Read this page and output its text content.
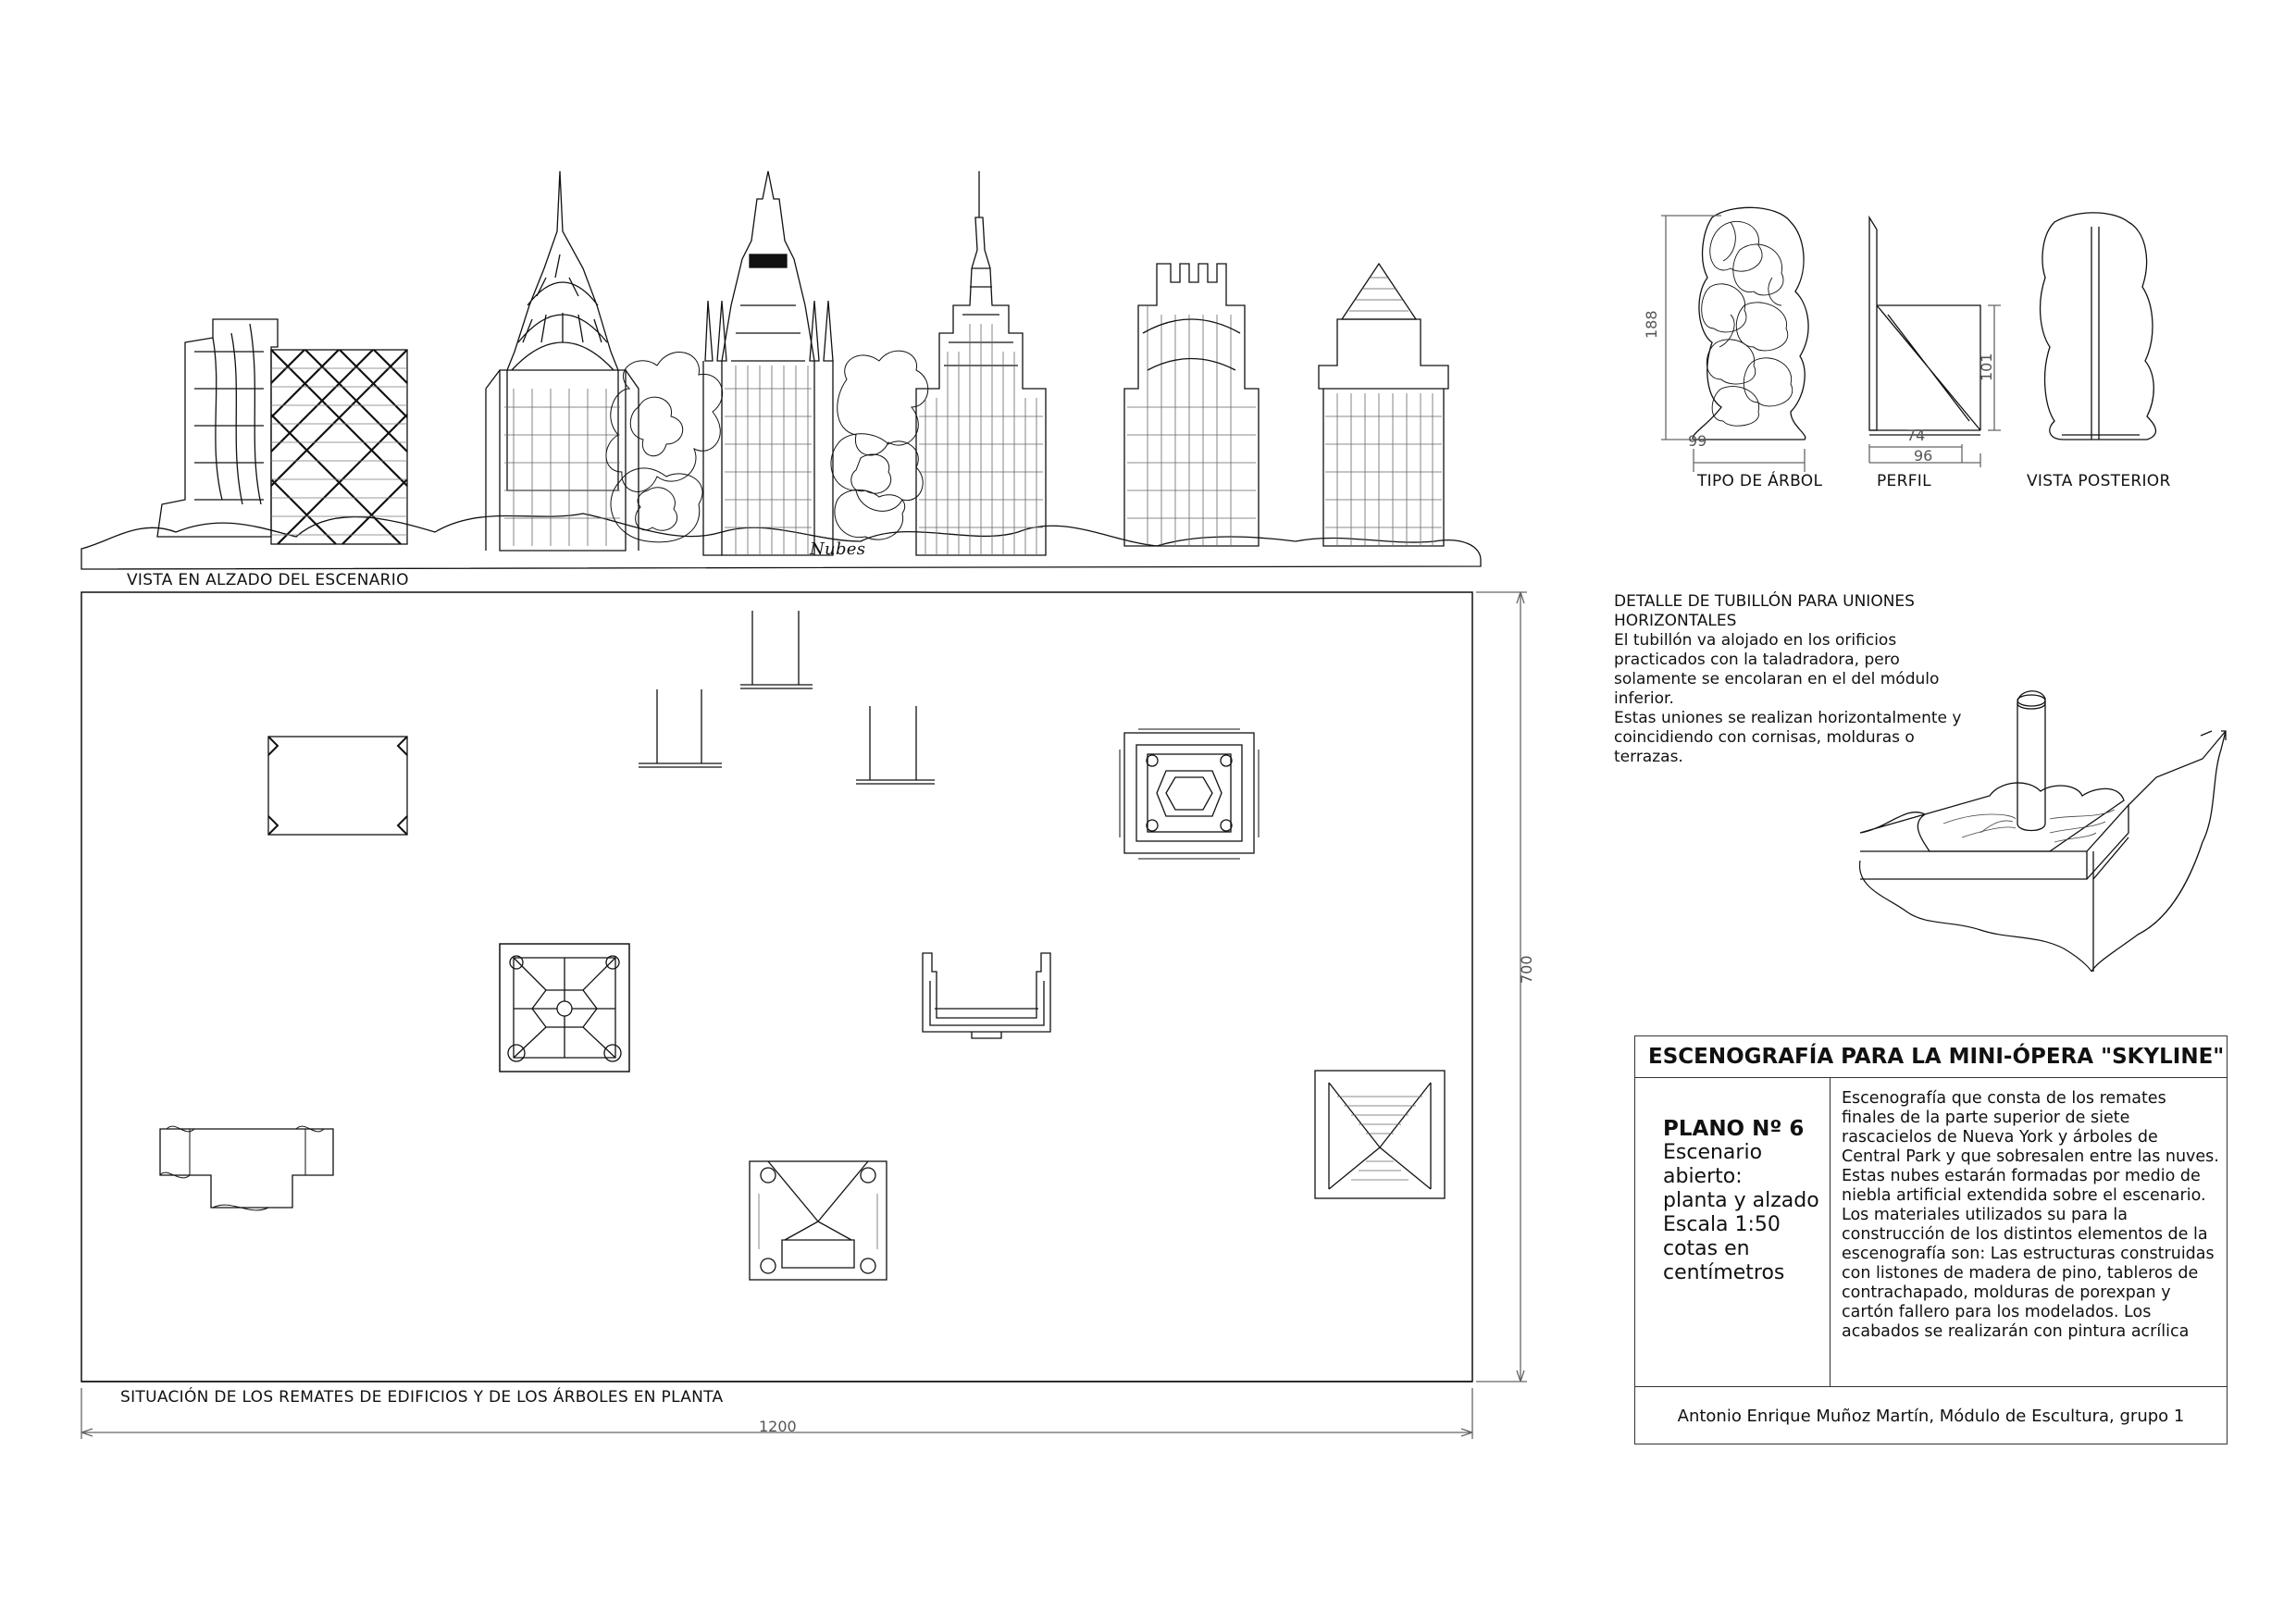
VISTA EN ALZADO DEL ESCENARIO
SITUACIÓN DE LOS REMATES DE EDIFICIOS Y DE LOS ÁRBOLES EN PLANTA
Nubes
1200
700
188
99
101
74
96
TIPO DE ÁRBOL	PERFIL	VISTA POSTERIOR

DETALLE DE TUBILLÓN PARA UNIONES HORIZONTALES

El tubillón va alojado en los orificios practicados con la taladradora, pero solamente se encolaran en el del módulo inferior.

Estas uniones se realizan horizontalmente y coincidiendo con cornisas, molduras o terrazas.

ESCENOGRAFÍA PARA LA MINI-ÓPERA "SKYLINE"
PLANO Nº 6
Escenario
abierto:
planta y alzado
Escala 1:50
cotas en
centímetros

Escenografía que consta de los remates finales de la parte superior de siete rascacielos de Nueva York y árboles de Central Park y que sobresalen entre las nuves. Estas nubes estarán formadas por medio de niebla artificial extendida sobre el escenario.

Los materiales utilizados su para la construcción de los distintos elementos de la escenografía son: Las estructuras construidas con listones de madera de pino, tableros de contrachapado, molduras de porexpan y cartón fallero para los modelados. Los acabados se realizarán con pintura acrílica

Antonio Enrique Muñoz Martín, Módulo de Escultura, grupo 1
